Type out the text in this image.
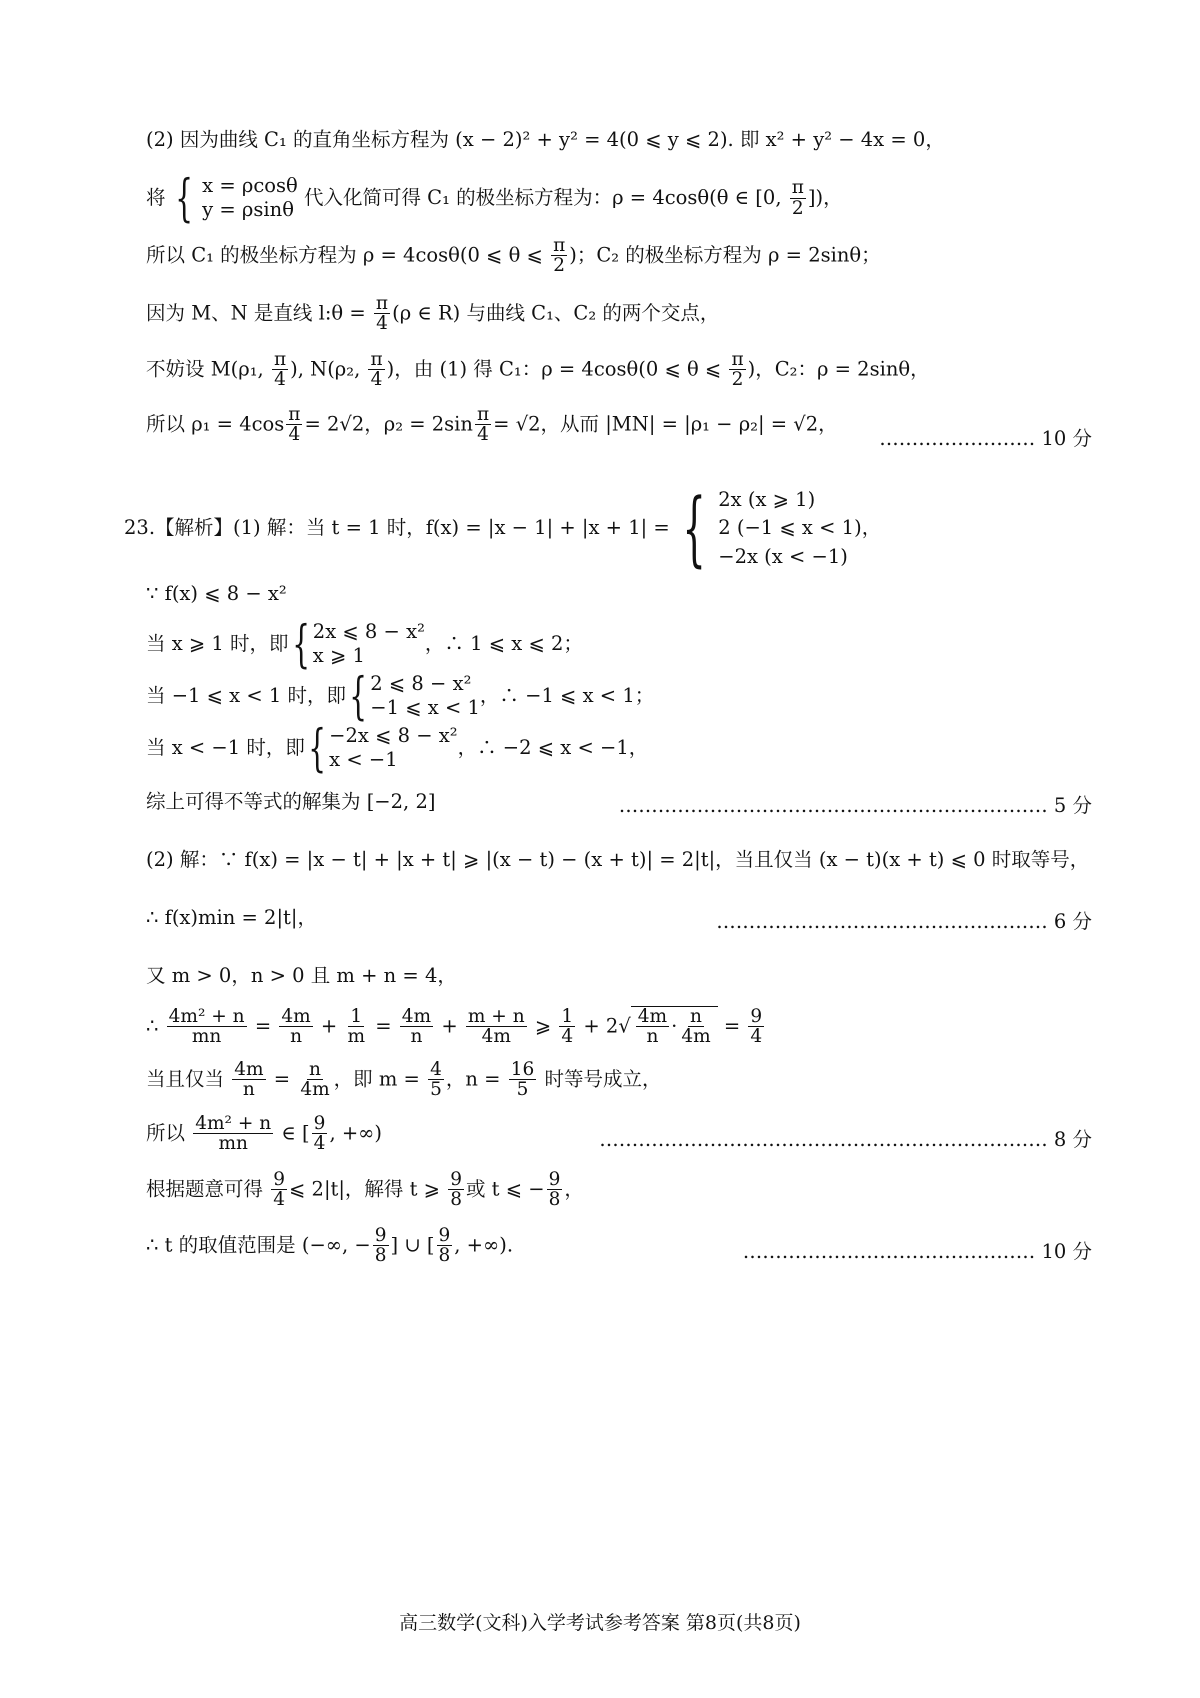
(2) 因为曲线 C₁ 的直角坐标方程为 (x − 2)² + y² = 4(0 ⩽ y ⩽ 2). 即 x² + y² − 4x = 0，
将 { x = ρcosθ
y = ρsinθ
代入化简可得 C₁ 的极坐标方程为：ρ = 4cosθ(θ ∈ [0, $\frac{\pi}{2}$ ])，
所以 C₁ 的极坐标方程为 ρ = 4cosθ(0 ⩽ θ ⩽ $\frac{\pi}{2}$ )；C₂ 的极坐标方程为 ρ = 2sinθ；
因为 M、N 是直线 l:θ = $\frac{\pi}{4} (\rho$ ∈ R) 与曲线 C₁、C₂ 的两个交点，
不妨设 M(ρ₁, $\frac{\pi}{4}$ ), N(ρ₂, $\frac{\pi}{4}$ )，由 (1) 得 C₁：ρ = 4cosθ(0 ⩽ θ ⩽ $\frac{\pi}{2}$ )，C₂：ρ = 2sinθ，
所以 $\rho_1 = 4\cos \frac{\pi}{4} = 2√2$，$\rho_2 = 2\sin \frac{\pi}{4} = √2$，从而 |MN| = |ρ₁ − ρ₂| = √2，
…………………… 10 分
23.【解析】(1) 解：当 t = 1 时，f(x) = |x − 1| + |x + 1| = { 2x (x ⩾ 1)
2 (−1 ⩽ x < 1)
−2x (x < −1)
，
∵ f(x) ⩽ 8 − x²
当 x ⩾ 1 时，即{ 2x ⩽ 8 − x²
x ⩾ 1
，∴ 1 ⩽ x ⩽ 2；
当 −1 ⩽ x < 1 时，即{ 2 ⩽ 8 − x²
−1 ⩽ x < 1
，∴ −1 ⩽ x < 1；
当 x < −1 时，即{ −2x ⩽ 8 − x²
x < −1
，∴ −2 ⩽ x < −1，
综上可得不等式的解集为 [−2, 2]	………………………………………………………… 5 分
(2) 解：∵ f(x) = |x − t| + |x + t| ⩾ |(x − t) − (x + t)| = 2|t|，当且仅当 (x − t)(x + t) ⩽ 0 时取等号，
∴ f(x)min = 2|t|，	…………………………………………… 6 分
又 m > 0，n > 0 且 m + n = 4，
∴ $\frac{\text{4m² + n}}{mn} = \frac{4m}{n} + \frac{1}{m} = \frac{4m}{n} + \frac{m + n}{4m}$ ⩾ $\frac{1}{4} + 2√ \frac{4m}{n} \cdot \frac{n}{4m} = \frac{9}{4}$
当且仅当 $\frac{4m}{n} = \frac{n}{4m}$ ，即 $m = \frac{4}{5}$ ，$n = \frac{16}{5}$ 时等号成立，
所以 $\frac{\text{4m² + n}}{mn}$ ∈ [ $\frac{9}{4}$ , +∞)	…………………………………………………………… 8 分
根据题意可得 $\frac{9}{4}$ ⩽ 2|t|，解得 t ⩾ $\frac{9}{8}$ 或 t ⩽ − $\frac{9}{8}$ ，
∴ t 的取值范围是 (−∞, − $\frac{9}{8}$ ] ∪ [ $\frac{9}{8}$ , +∞).	……………………………………… 10 分
高三数学(文科)入学考试参考答案 第8页(共8页)
